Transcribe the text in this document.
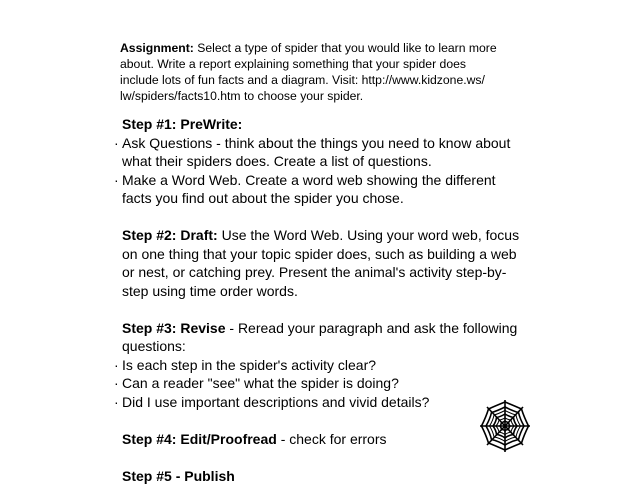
Assignment: Select a type of spider that you would like to learn more
about. Write a report explaining something that your spider does
include lots of fun facts and a diagram. Visit: http://www.kidzone.ws/
lw/spiders/facts10.htm to choose your spider.
Step #1: PreWrite:
· Ask Questions - think about the things you need to know about
what their spiders does. Create a list of questions.
· Make a Word Web. Create a word web showing the different
facts you find out about the spider you chose.
Step #2: Draft: Use the Word Web. Using your word web, focus
on one thing that your topic spider does, such as building a web
or nest, or catching prey. Present the animal's activity step-by-
step using time order words.
Step #3: Revise - Reread your paragraph and ask the following
questions:
· Is each step in the spider's activity clear?
· Can a reader "see" what the spider is doing?
· Did I use important descriptions and vivid details?
Step #4: Edit/Proofread - check for errors
Step #5 - Publish
